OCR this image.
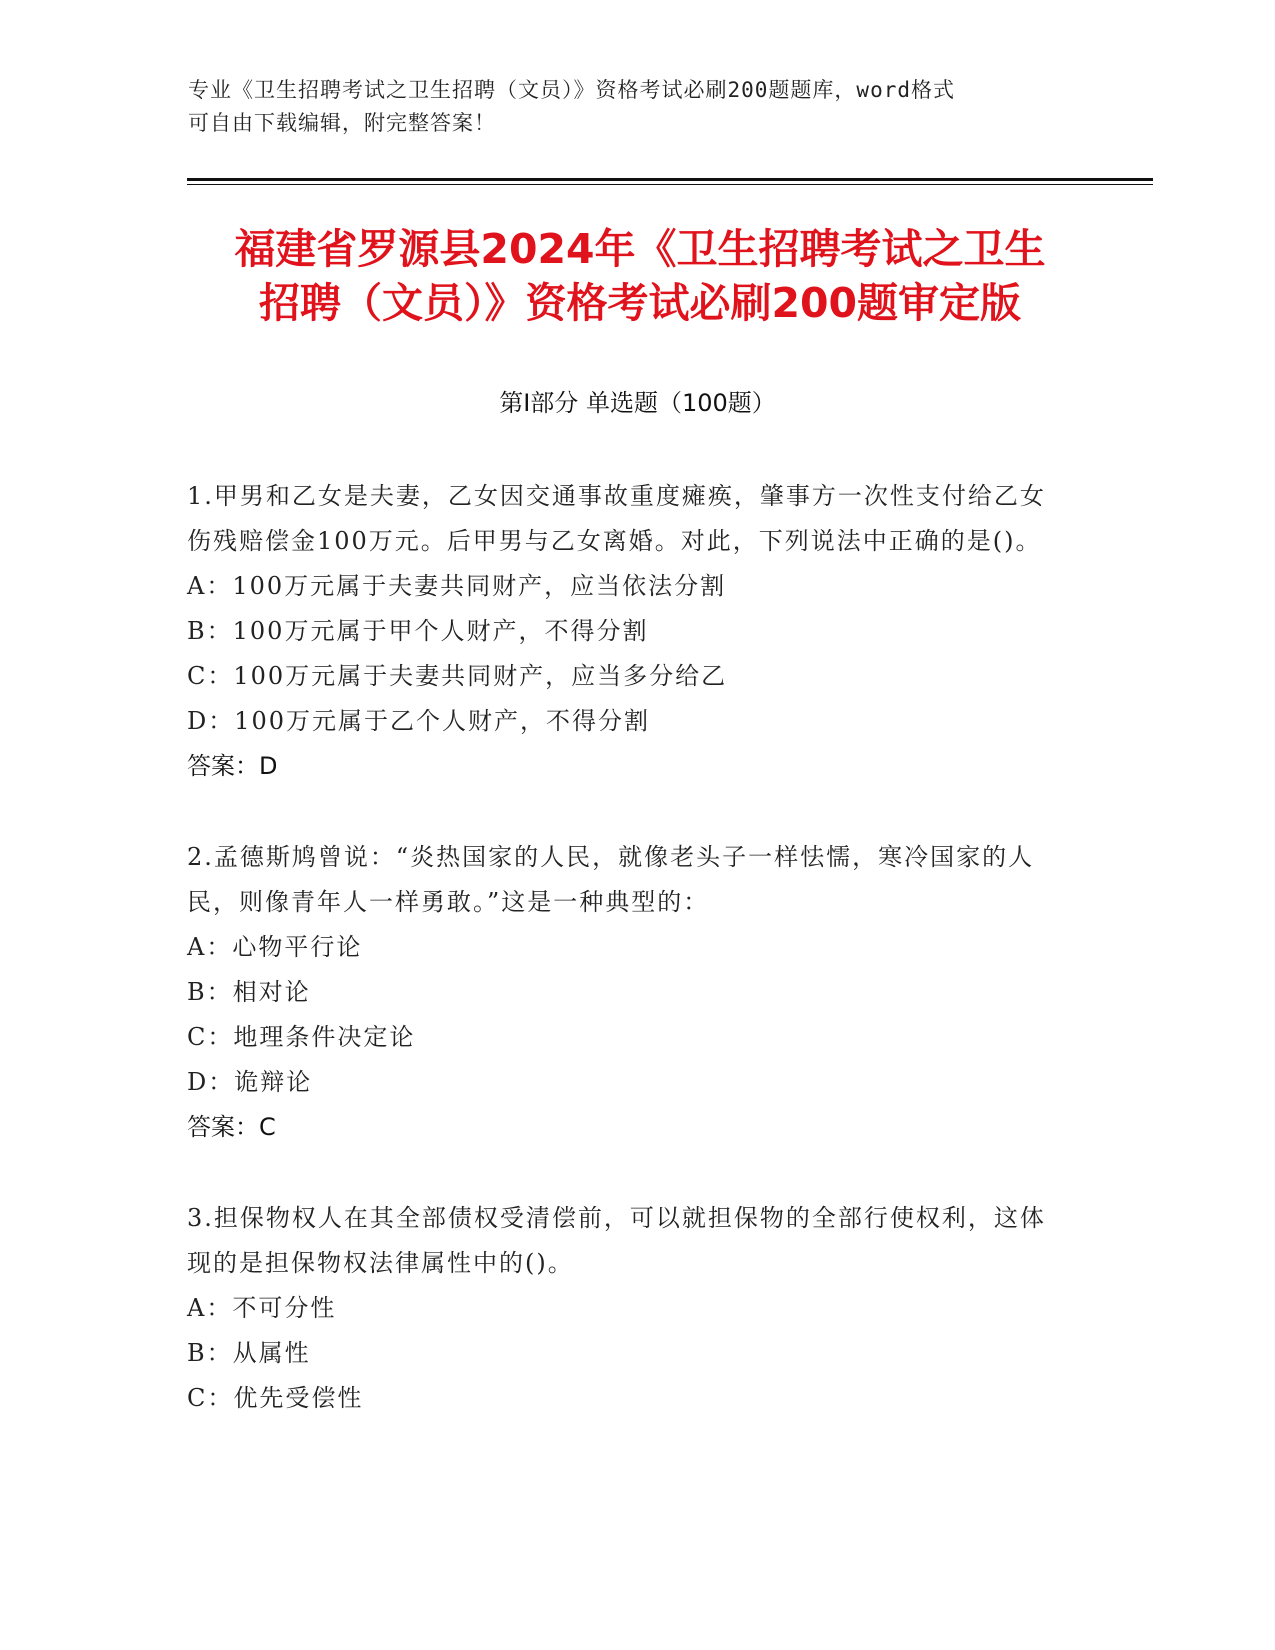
专业《卫生招聘考试之卫生招聘（文员）》资格考试必刷200题题库，word格式
可自由下载编辑，附完整答案！
福建省罗源县2024年《卫生招聘考试之卫生
招聘（文员）》资格考试必刷200题审定版
第I部分 单选题（100题）

1.甲男和乙女是夫妻，乙女因交通事故重度瘫痪，肇事方一次性支付给乙女伤残赔偿金100万元。后甲男与乙女离婚。对此，下列说法中正确的是()。

A：100万元属于夫妻共同财产，应当依法分割

B：100万元属于甲个人财产，不得分割

C：100万元属于夫妻共同财产，应当多分给乙

D：100万元属于乙个人财产，不得分割

答案：D

2.孟德斯鸠曾说：“炎热国家的人民，就像老头子一样怯懦，寒冷国家的人民，则像青年人一样勇敢。”这是一种典型的：

A：心物平行论

B：相对论

C：地理条件决定论

D：诡辩论

答案：C

3.担保物权人在其全部债权受清偿前，可以就担保物的全部行使权利，这体现的是担保物权法律属性中的()。

A：不可分性

B：从属性

C：优先受偿性
